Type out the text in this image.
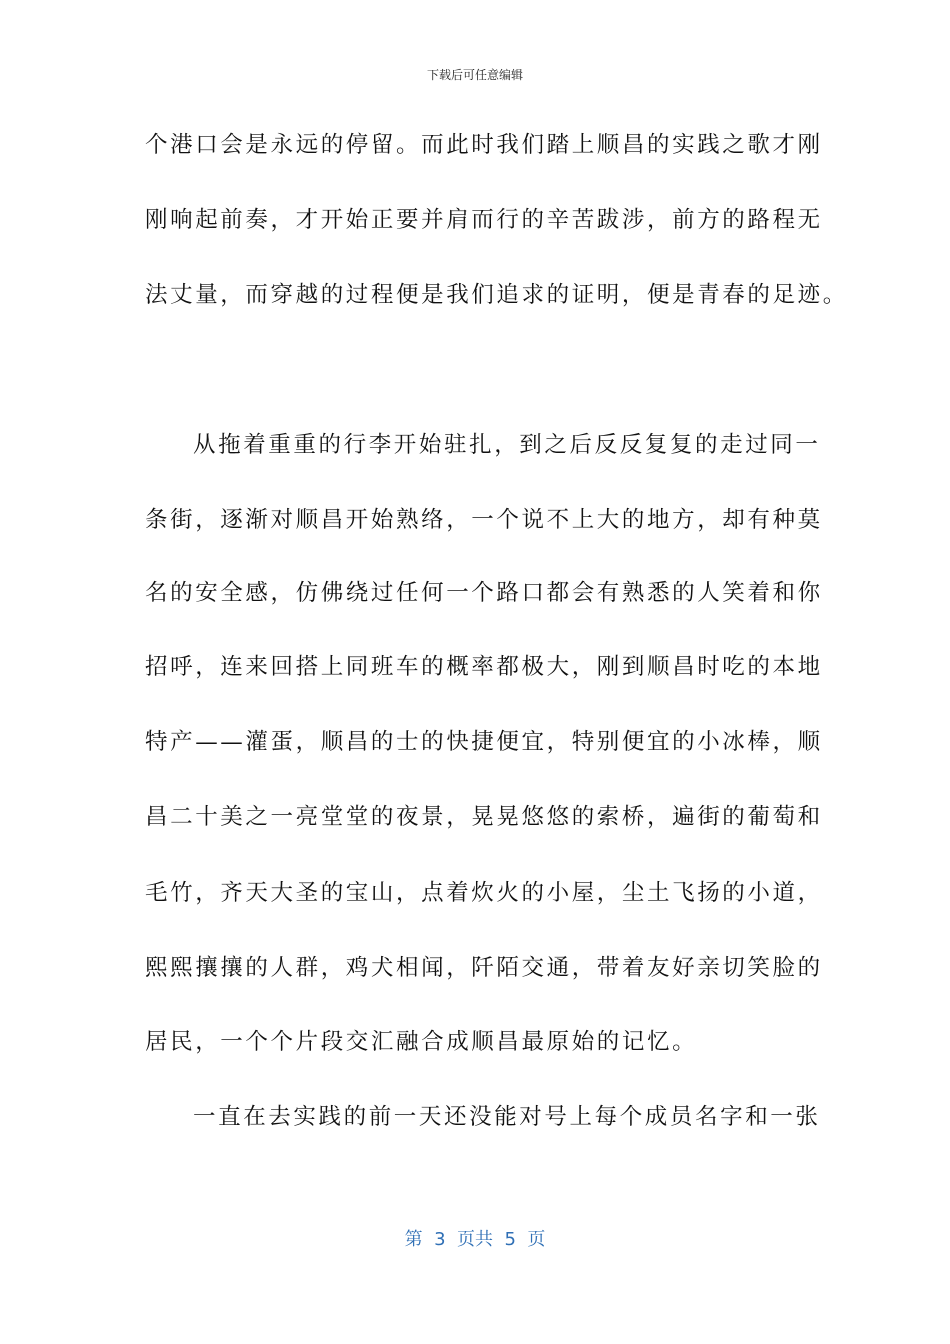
下载后可任意编辑
个港口会是永远的停留。而此时我们踏上顺昌的实践之歌才刚
刚响起前奏，才开始正要并肩而行的辛苦跋涉，前方的路程无
法丈量，而穿越的过程便是我们追求的证明，便是青春的足迹。
从拖着重重的行李开始驻扎，到之后反反复复的走过同一
条街，逐渐对顺昌开始熟络，一个说不上大的地方，却有种莫
名的安全感，仿佛绕过任何一个路口都会有熟悉的人笑着和你
招呼，连来回搭上同班车的概率都极大，刚到顺昌时吃的本地
特产——灌蛋，顺昌的士的快捷便宜，特别便宜的小冰棒，顺
昌二十美之一亮堂堂的夜景，晃晃悠悠的索桥，遍街的葡萄和
毛竹，齐天大圣的宝山，点着炊火的小屋，尘土飞扬的小道，
熙熙攘攘的人群，鸡犬相闻，阡陌交通，带着友好亲切笑脸的
居民，一个个片段交汇融合成顺昌最原始的记忆。
一直在去实践的前一天还没能对号上每个成员名字和一张
第  3  页共  5  页
